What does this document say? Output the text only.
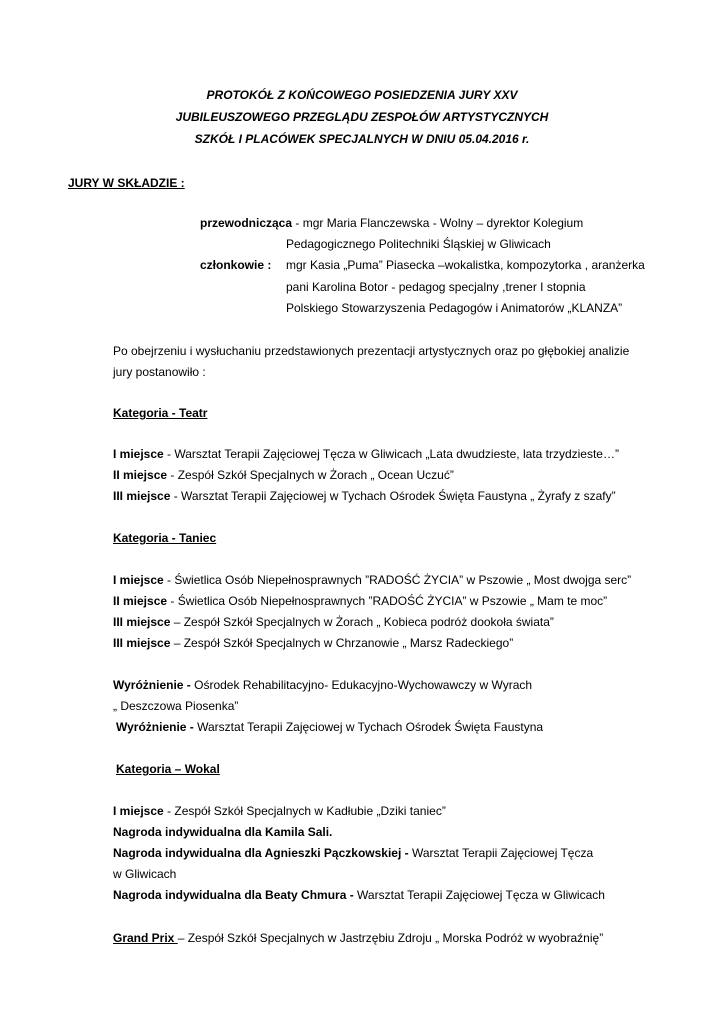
PROTOKÓŁ Z KOŃCOWEGO POSIEDZENIA JURY XXV
JUBILEUSZOWEGO PRZEGLĄDU ZESPOŁÓW ARTYSTYCZNYCH
SZKÓŁ I PLACÓWEK SPECJALNYCH W DNIU 05.04.2016 r.
JURY W SKŁADZIE :
przewodnicząca - mgr Maria Flanczewska - Wolny – dyrektor Kolegium
Pedagogicznego Politechniki Śląskiej w Gliwicach
członkowie : mgr Kasia „Puma” Piasecka –wokalistka, kompozytorka , aranżerka
pani Karolina Botor - pedagog specjalny ,trener I stopnia
Polskiego Stowarzyszenia Pedagogów i Animatorów „KLANZA”
Po obejrzeniu i wysłuchaniu przedstawionych prezentacji artystycznych oraz po głębokiej analizie
jury postanowiło :
Kategoria - Teatr
I miejsce - Warsztat Terapii Zajęciowej Tęcza w Gliwicach „Lata dwudzieste, lata trzydzieste…”
II miejsce - Zespół Szkół Specjalnych w Żorach „ Ocean Uczuć”
III miejsce - Warsztat Terapii Zajęciowej w Tychach Ośrodek Święta Faustyna „ Żyrafy z szafy”
Kategoria - Taniec
I miejsce - Świetlica Osób Niepełnosprawnych ”RADOŚĆ ŻYCIA” w Pszowie „ Most dwojga serc”
II miejsce - Świetlica Osób Niepełnosprawnych ”RADOŚĆ ŻYCIA” w Pszowie „ Mam te moc”
III miejsce – Zespół Szkół Specjalnych w Żorach „ Kobieca podróż dookoła świata”
III miejsce – Zespół Szkół Specjalnych w Chrzanowie „ Marsz Radeckiego”
Wyróżnienie - Ośrodek Rehabilitacyjno- Edukacyjno-Wychowawczy w Wyrach
„ Deszczowa Piosenka”
Wyróżnienie - Warsztat Terapii Zajęciowej w Tychach Ośrodek Święta Faustyna
Kategoria – Wokal
I miejsce - Zespół Szkół Specjalnych w Kadłubie „Dziki taniec”
Nagroda indywidualna dla Kamila Sali.
Nagroda indywidualna dla Agnieszki Pączkowskiej - Warsztat Terapii Zajęciowej Tęcza
w Gliwicach
Nagroda indywidualna dla Beaty Chmura - Warsztat Terapii Zajęciowej Tęcza w Gliwicach
Grand Prix – Zespół Szkół Specjalnych w Jastrzębiu Zdroju „ Morska Podróż w wyobraźnię”
